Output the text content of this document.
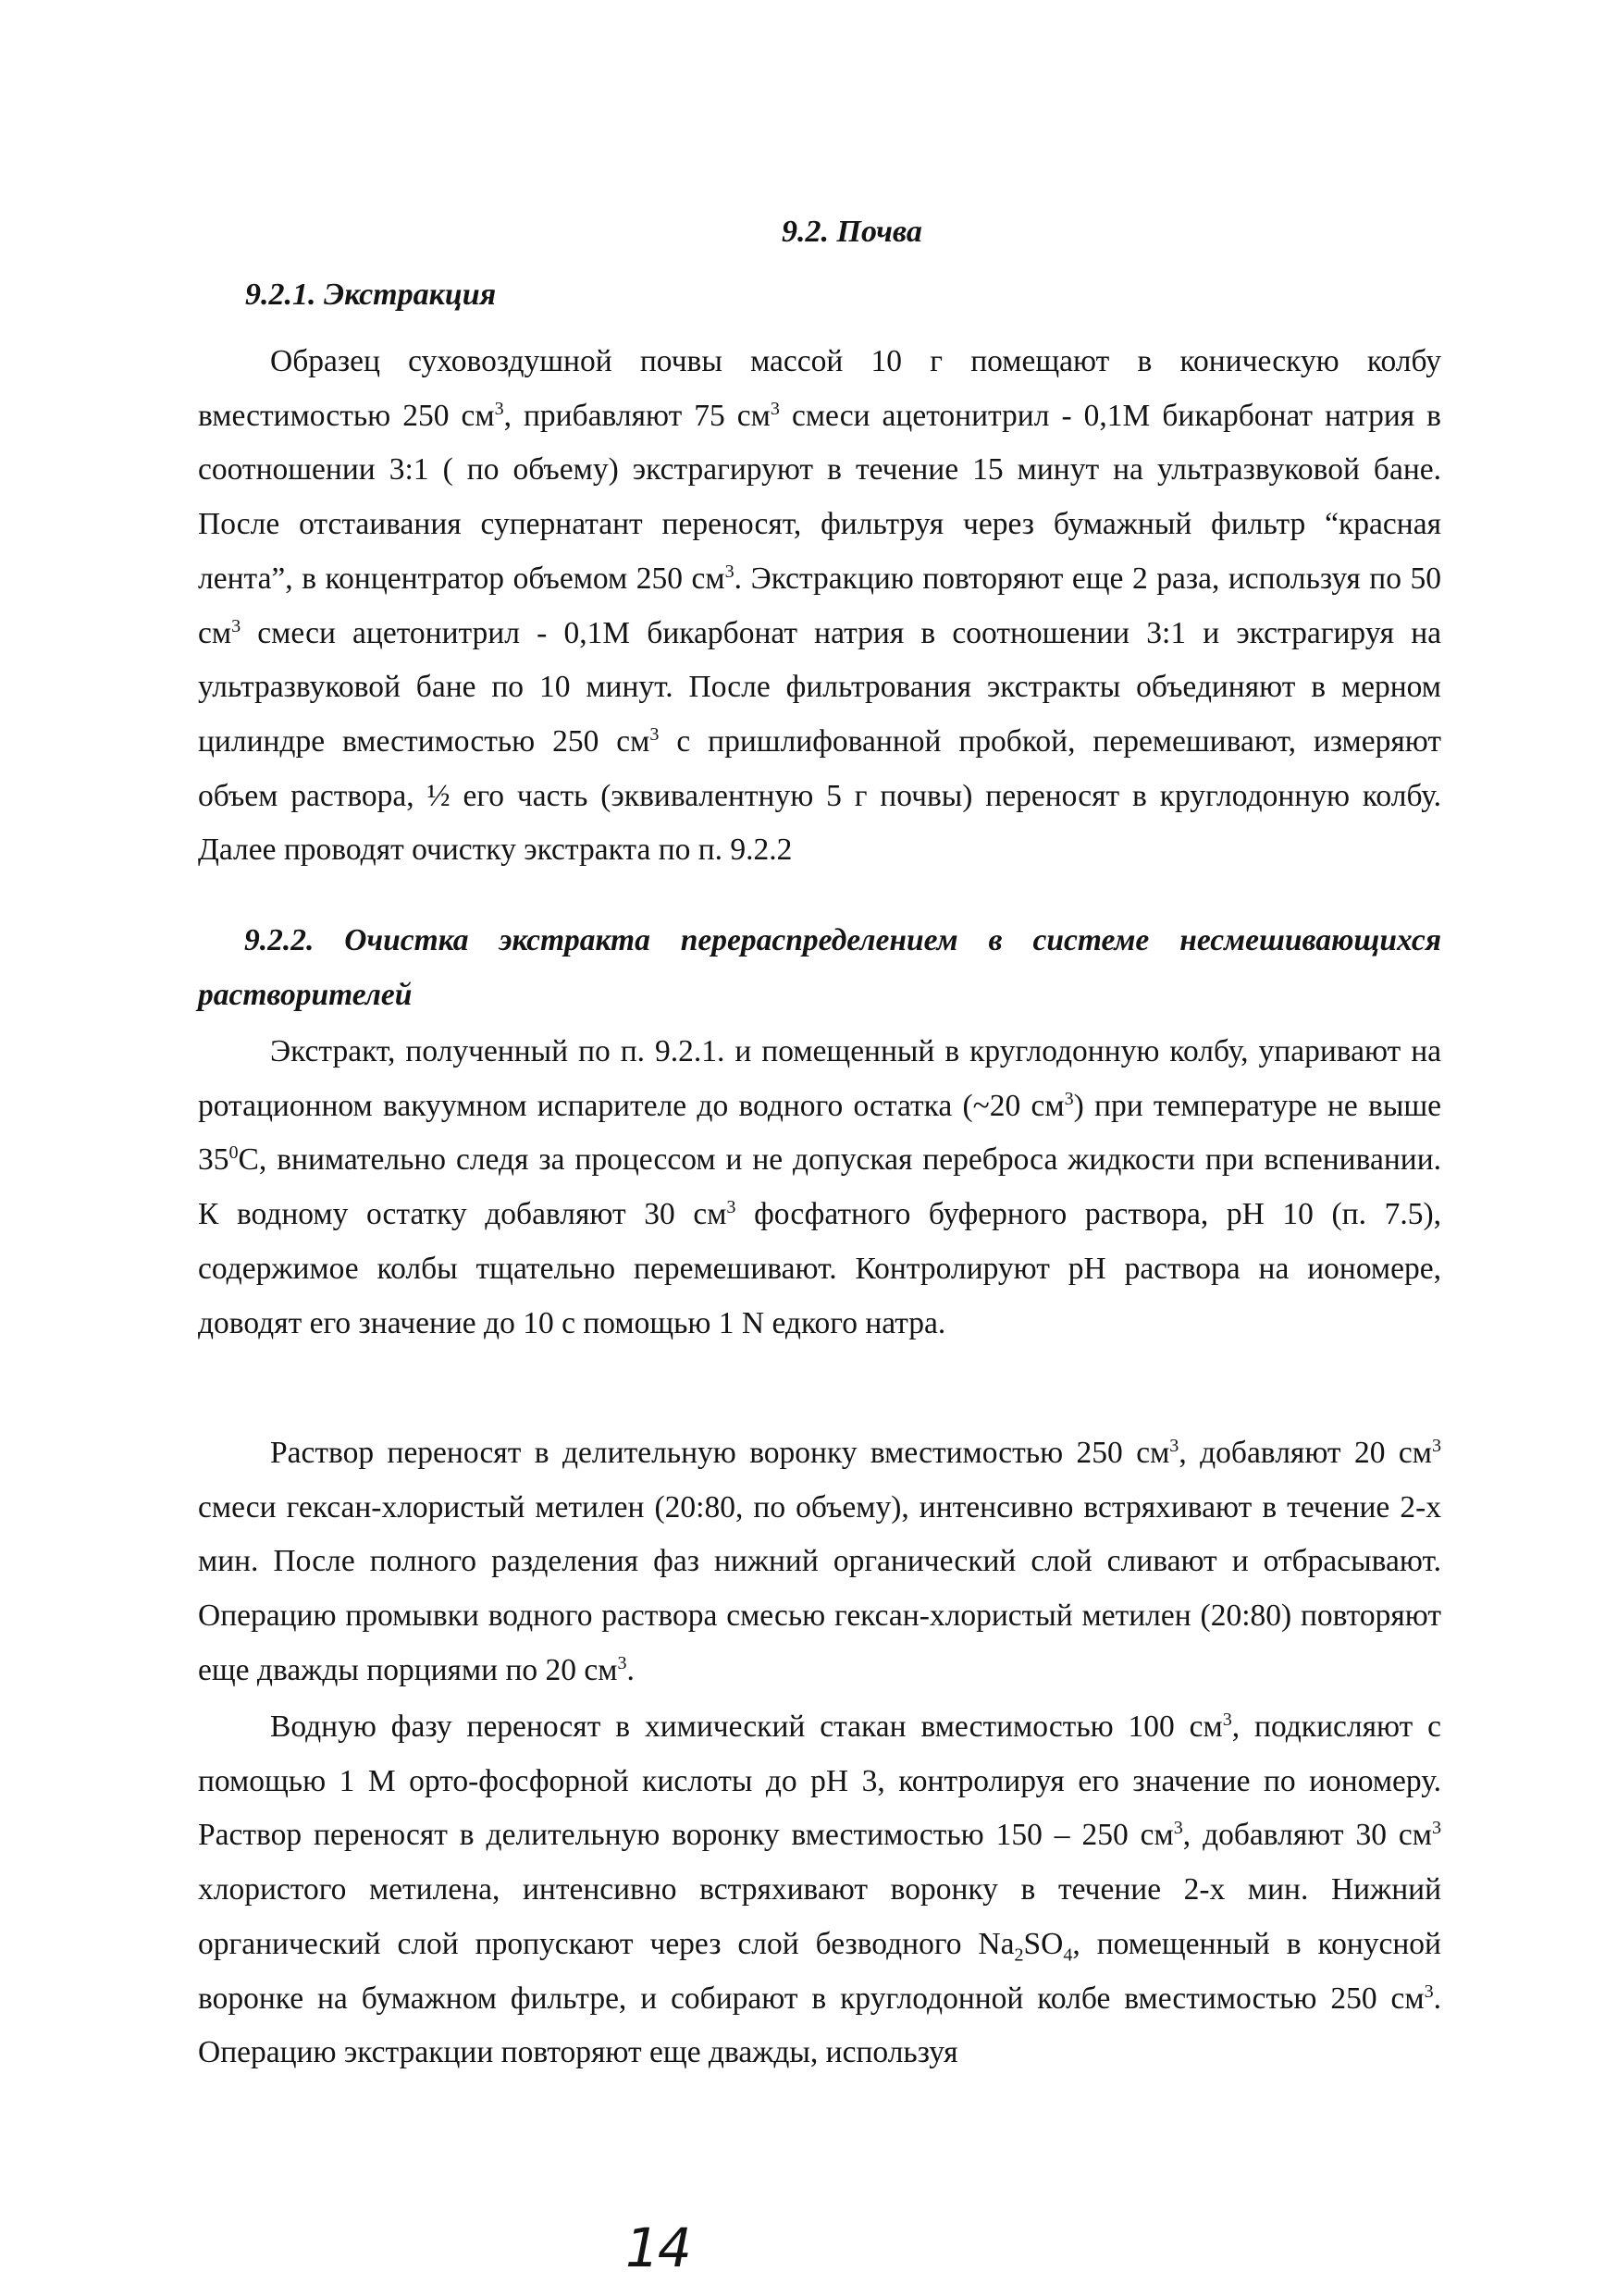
9.2. Почва
9.2.1. Экстракция

Образец суховоздушной почвы массой 10 г помещают в коническую колбу вместимостью 250 $см^3$, прибавляют 75 $см^3$ смеси ацетонитрил - 0,1М бикарбонат натрия в соотношении 3:1 ( по объему) экстрагируют в течение 15 минут на ультразвуковой бане. После отстаивания супернатант переносят, фильтруя через бумажный фильтр “красная лента”, в концентратор объемом 250 $см^3$. Экстракцию повторяют еще 2 раза, используя по 50 $см^3$ смеси ацетонитрил - 0,1М бикарбонат натрия в соотношении 3:1 и экстрагируя на ультразвуковой бане по 10 минут. После фильтрования экстракты объединяют в мерном цилиндре вместимостью 250 $см^3$ с пришлифованной пробкой, перемешивают, измеряют объем раствора, ½ его часть (эквивалентную 5 г почвы) переносят в круглодонную колбу. Далее проводят очистку экстракта по п. 9.2.2

9.2.2. Очистка экстракта перераспределением в системе несмешивающихся растворителей

Экстракт, полученный по п. 9.2.1. и помещенный в круглодонную колбу, упаривают на ротационном вакуумном испарителе до водного остатка (~20 $см^3$) при температуре не выше $35^0С$, внимательно следя за процессом и не допуская переброса жидкости при вспенивании. К водному остатку добавляют 30 $см^3$ фосфатного буферного раствора, pH 10 (п. 7.5), содержимое колбы тщательно перемешивают. Контролируют pH раствора на иономере, доводят его значение до 10 с помощью 1 N едкого натра.

Раствор переносят в делительную воронку вместимостью 250 $см^3$, добавляют 20 $см^3$ смеси гексан-хлористый метилен (20:80, по объему), интенсивно встряхивают в течение 2-х мин. После полного разделения фаз нижний органический слой сливают и отбрасывают. Операцию промывки водного раствора смесью гексан-хлористый метилен (20:80) повторяют еще дважды порциями по 20 $см^3$.

Водную фазу переносят в химический стакан вместимостью 100 $см^3$, подкисляют с помощью 1 М орто-фосфорной кислоты до pH 3, контролируя его значение по иономеру. Раствор переносят в делительную воронку вместимостью 150 – 250 $см^3$, добавляют 30 $см^3$ хлористого метилена, интенсивно встряхивают воронку в течение 2-х мин. Нижний органический слой пропускают через слой безводного $Na_2SO_4$, помещенный в конусной воронке на бумажном фильтре, и собирают в круглодонной колбе вместимостью 250 $см^3$. Операцию экстракции повторяют еще дважды, используя

14
